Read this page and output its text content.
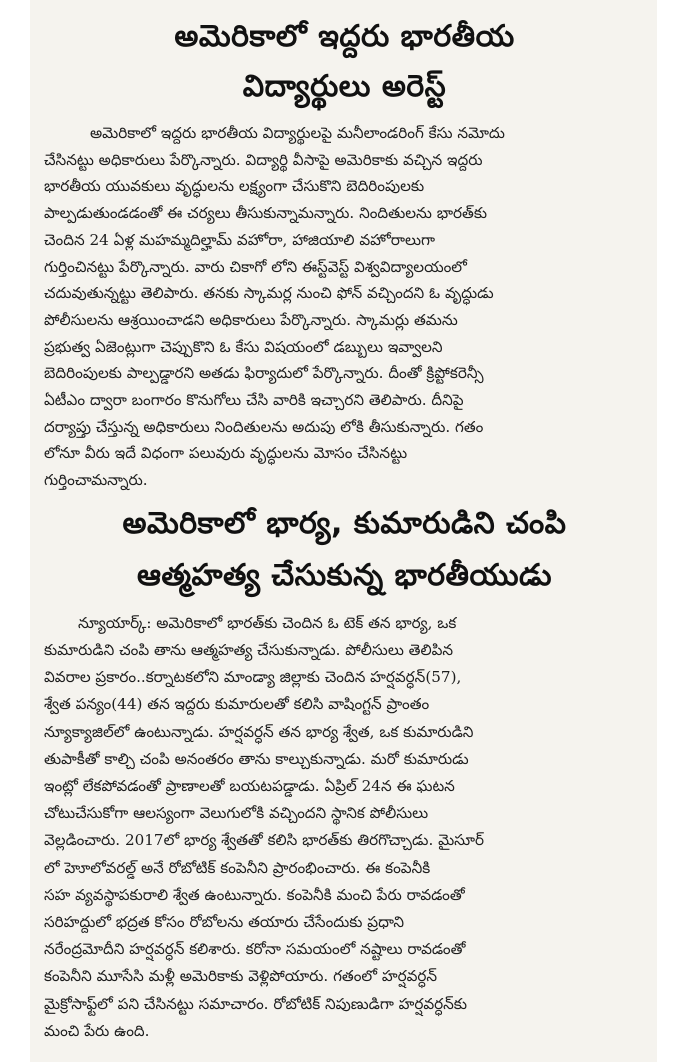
అమెరికాలో ఇద్దరు భారతీయ
విద్యార్థులు అరెస్ట్
అమెరికాలో ఇద్దరు భారతీయ విద్యార్థులపై మనీలాండరింగ్ కేసు నమోదు
చేసినట్టు అధికారులు పేర్కొన్నారు. విద్యార్థి వీసాపై అమెరికాకు వచ్చిన ఇద్దరు
భారతీయ యువకులు వృద్ధులను లక్ష్యంగా చేసుకొని బెదిరింపులకు
పాల్పడుతుండడంతో ఈ చర్యలు తీసుకున్నామన్నారు. నిందితులను భారత్‌కు
చెందిన 24 ఏళ్ల మహమ్మదిల్హామ్ వహోరా, హాజియాలి వహోరాలుగా
గుర్తించినట్టు పేర్కొన్నారు. వారు చికాగో లోని ఈస్ట్‌వెస్ట్ విశ్వవిద్యాలయంలో
చదువుతున్నట్టు తెలిపారు. తనకు స్కామర్ల నుంచి ఫోన్ వచ్చిందని ఓ వృద్ధుడు
పోలీసులను ఆశ్రయించాడని అధికారులు పేర్కొన్నారు. స్కామర్లు తమను
ప్రభుత్వ ఏజెంట్లుగా చెప్పుకొని ఓ కేసు విషయంలో డబ్బులు ఇవ్వాలని
బెదిరింపులకు పాల్పడ్డారని అతడు ఫిర్యాదులో పేర్కొన్నారు. దీంతో క్రిప్టోకరెన్సీ
ఏటీఎం ద్వారా బంగారం కొనుగోలు చేసి వారికి ఇచ్చారని తెలిపారు. దీనిపై
దర్యాప్తు చేస్తున్న అధికారులు నిందితులను అదుపు లోకి తీసుకున్నారు. గతం
లోనూ వీరు ఇదే విధంగా పలువురు వృద్ధులను మోసం చేసినట్టు
గుర్తించామన్నారు.
అమెరికాలో భార్య, కుమారుడిని చంపి
ఆత్మహత్య చేసుకున్న భారతీయుడు
న్యూయార్క్: అమెరికాలో భారత్‌కు చెందిన ఓ టెక్ తన భార్య, ఒక
కుమారుడిని చంపి తాను ఆత్మహత్య చేసుకున్నాడు. పోలీసులు తెలిపిన
వివరాల ప్రకారం..కర్నాటకలోని మాండ్యా జిల్లాకు చెందిన హర్షవర్ధన్(57),
శ్వేత పన్యం(44) తన ఇద్దరు కుమారులతో కలిసి వాషింగ్టన్ ప్రాంతం
న్యూక్యాజిల్‌లో ఉంటున్నాడు. హర్షవర్ధన్ తన భార్య శ్వేత, ఒక కుమారుడిని
తుపాకీతో కాల్చి చంపి అనంతరం తాను కాల్చుకున్నాడు. మరో కుమారుడు
ఇంట్లో లేకపోవడంతో ప్రాణాలతో బయటపడ్డాడు. ఏప్రిల్ 24న ఈ ఘటన
చోటుచేసుకోగా ఆలస్యంగా వెలుగులోకి వచ్చిందని స్థానిక పోలీసులు
వెల్లడించారు. 2017లో భార్య శ్వేతతో కలిసి భారత్‌కు తిరగొచ్చాడు. మైసూర్
లో హెూలోవరల్డ్ అనే రోబోటిక్ కంపెనీని ప్రారంభించారు. ఈ కంపెనీకి
సహ వ్యవస్థాపకురాలి శ్వేత ఉంటున్నారు. కంపెనీకి మంచి పేరు రావడంతో
సరిహద్దులో భద్రత కోసం రోబోలను తయారు చేసేందుకు ప్రధాని
నరేంద్రమోదీని హర్షవర్ధన్ కలిశారు. కరోనా సమయంలో నష్టాలు రావడంతో
కంపెనీని మూసేసి మళ్లీ అమెరికాకు వెళ్లిపోయారు. గతంలో హర్షవర్ధన్
మైక్రోసాఫ్ట్‌లో పని చేసినట్టు సమాచారం. రోబోటిక్ నిపుణుడిగా హర్షవర్ధన్‌కు
మంచి పేరు ఉంది.
